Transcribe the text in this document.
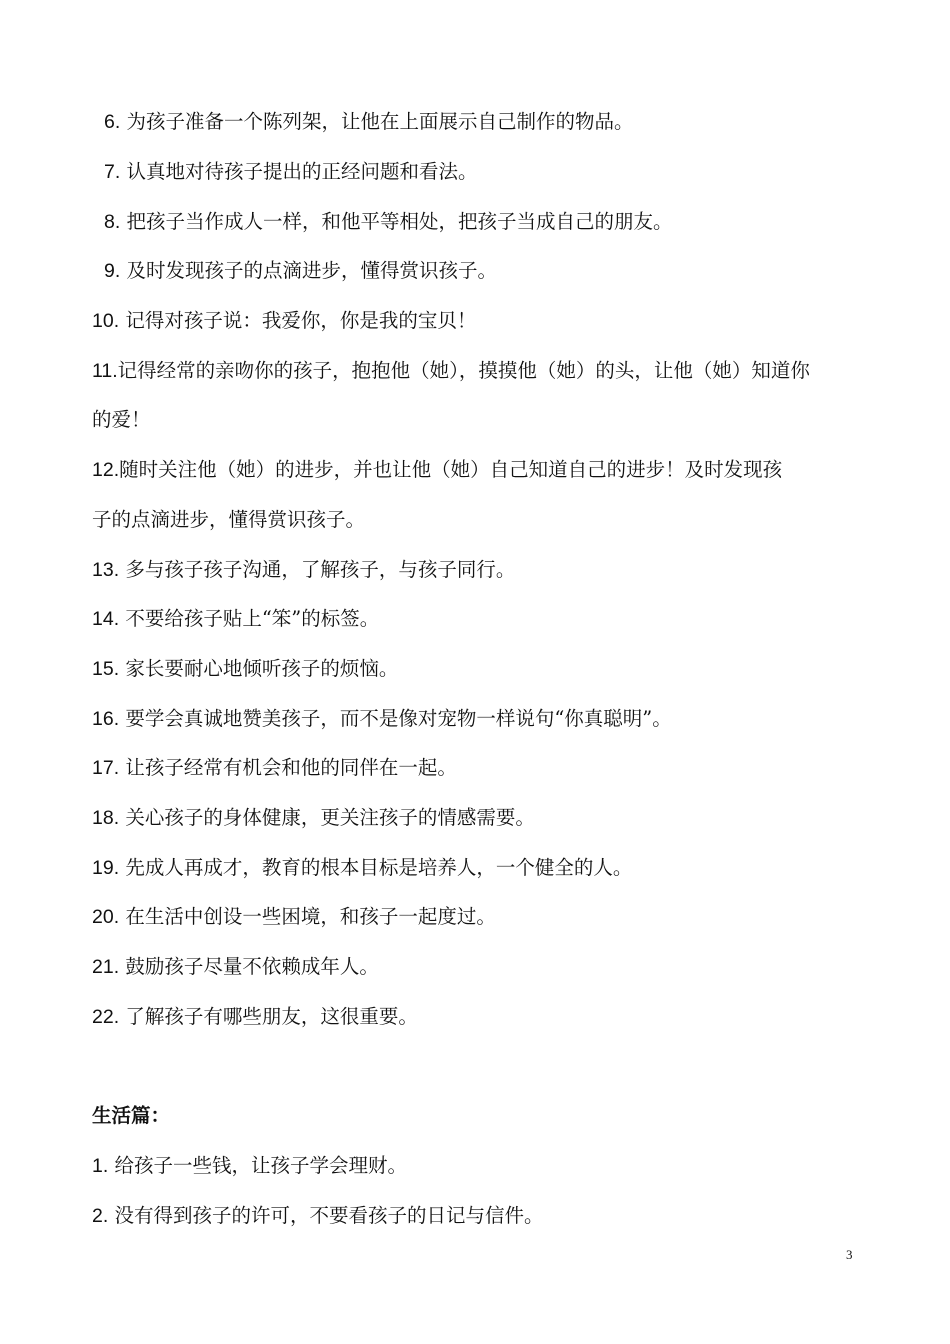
6. 为孩子准备一个陈列架，让他在上面展示自己制作的物品。
7. 认真地对待孩子提出的正经问题和看法。
8. 把孩子当作成人一样，和他平等相处，把孩子当成自己的朋友。
9. 及时发现孩子的点滴进步，懂得赏识孩子。
10. 记得对孩子说：我爱你，你是我的宝贝！
11.记得经常的亲吻你的孩子，抱抱他（她），摸摸他（她）的头，让他（她）知道你
的爱！
12.随时关注他（她）的进步，并也让他（她）自己知道自己的进步！及时发现孩
子的点滴进步，懂得赏识孩子。
13. 多与孩子孩子沟通，了解孩子，与孩子同行。
14. 不要给孩子贴上“笨”的标签。
15. 家长要耐心地倾听孩子的烦恼。
16. 要学会真诚地赞美孩子，而不是像对宠物一样说句“你真聪明”。
17. 让孩子经常有机会和他的同伴在一起。
18. 关心孩子的身体健康，更关注孩子的情感需要。
19. 先成人再成才，教育的根本目标是培养人，一个健全的人。
20. 在生活中创设一些困境，和孩子一起度过。
21. 鼓励孩子尽量不依赖成年人。
22. 了解孩子有哪些朋友，这很重要。
生活篇：
1. 给孩子一些钱，让孩子学会理财。
2. 没有得到孩子的许可，不要看孩子的日记与信件。
3
